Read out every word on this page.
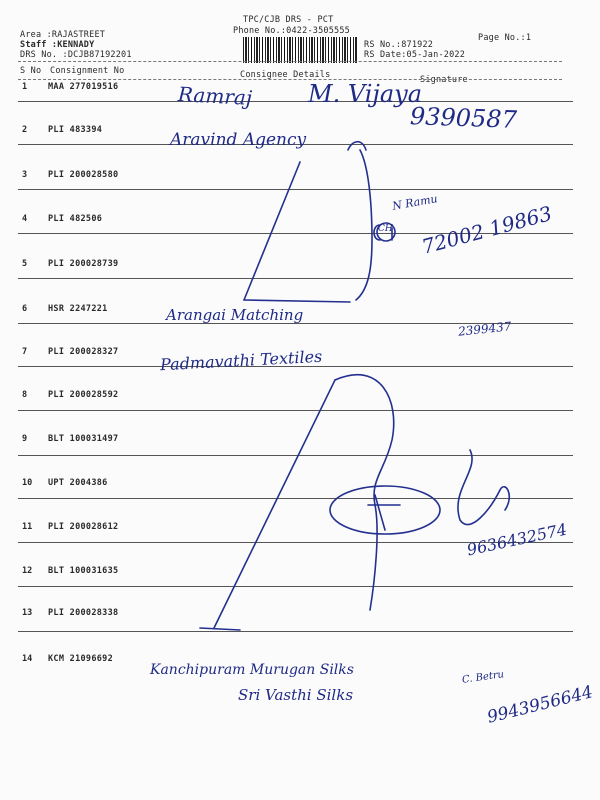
TPC/CJB DRS - PCT
Phone No.:0422-3505555
Area :RAJASTREET
Staff :KENNADY
DRS No. :DCJB87192201
RS No.:871922
RS Date:05-Jan-2022
Page No.:1
S No Consignment No	Consignee Details	Signature
1 MAA 277019516
2 PLI 483394
3 PLI 200028580
4 PLI 482506
5 PLI 200028739
6 HSR 2247221
7 PLI 200028327
8 PLI 200028592
9 BLT 100031497
10 UPT 2004386
11 PLI 200028612
12 BLT 100031635
13 PLI 200028338
14 KCM 21096692
Ramraj M. Vijaya
9390587
Aravind Agency
N Ramu
72002 19863
CH
Arangai Matching
2399437
Padmavathi Textiles
9636432574
Kanchipuram Murugan Silks
Sri Vasthi Silks
C. Betru
9943956644
